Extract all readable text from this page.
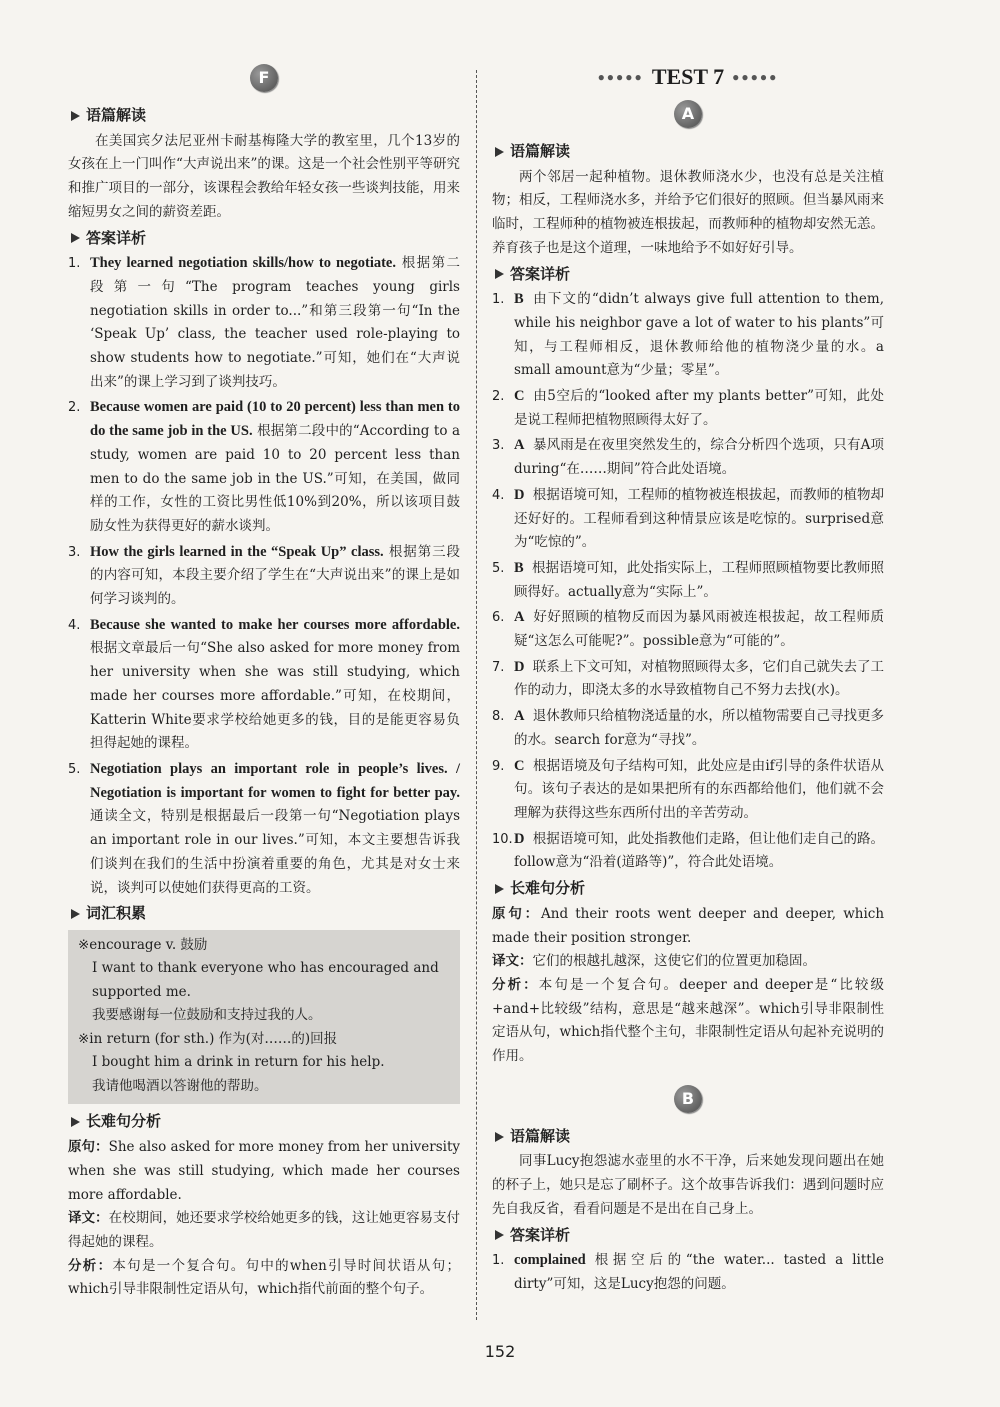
F
语篇解读

在美国宾夕法尼亚州卡耐基梅隆大学的教室里，几个13岁的女孩在上一门叫作“大声说出来”的课。这是一个社会性别平等研究和推广项目的一部分，该课程会教给年轻女孩一些谈判技能，用来缩短男女之间的薪资差距。

答案详析
1. They learned negotiation skills/how to negotiate. 根据第二段第一句“The program teaches young girls negotiation skills in order to...”和第三段第一句“In the ‘Speak Up’ class, the teacher used role-playing to show students how to negotiate.”可知，她们在“大声说出来”的课上学习到了谈判技巧。
2. Because women are paid (10 to 20 percent) less than men to do the same job in the US. 根据第二段中的“According to a study, women are paid 10 to 20 percent less than men to do the same job in the US.”可知，在美国，做同样的工作，女性的工资比男性低10%到20%，所以该项目鼓励女性为获得更好的薪水谈判。
3. How the girls learned in the “Speak Up” class. 根据第三段的内容可知，本段主要介绍了学生在“大声说出来”的课上是如何学习谈判的。
4. Because she wanted to make her courses more affordable. 根据文章最后一句“She also asked for more money from her university when she was still studying, which made her courses more affordable.”可知，在校期间，Katterin White要求学校给她更多的钱，目的是能更容易负担得起她的课程。
5. Negotiation plays an important role in people’s lives. / Negotiation is important for women to fight for better pay. 通读全文，特别是根据最后一段第一句“Negotiation plays an important role in our lives.”可知，本文主要想告诉我们谈判在我们的生活中扮演着重要的角色，尤其是对女士来说，谈判可以使她们获得更高的工资。
词汇积累
※encourage v. 鼓励
I want to thank everyone who has encouraged and supported me.
我要感谢每一位鼓励和支持过我的人。
※in return (for sth.) 作为(对……的)回报
I bought him a drink in return for his help.
我请他喝酒以答谢他的帮助。
长难句分析
原句：She also asked for more money from her university when she was still studying, which made her courses more affordable.
译文：在校期间，她还要求学校给她更多的钱，这让她更容易支付得起她的课程。
分析：本句是一个复合句。句中的when引导时间状语从句；which引导非限制性定语从句，which指代前面的整个句子。
●●●●● TEST 7 ●●●●●
A
语篇解读

两个邻居一起种植物。退休教师浇水少，也没有总是关注植物；相反，工程师浇水多，并给予它们很好的照顾。但当暴风雨来临时，工程师种的植物被连根拔起，而教师种的植物却安然无恙。养育孩子也是这个道理，一味地给予不如好好引导。

答案详析
1. B 由下文的“didn’t always give full attention to them, while his neighbor gave a lot of water to his plants”可知，与工程师相反，退休教师给他的植物浇少量的水。a small amount意为“少量；零星”。
2. C 由5空后的“looked after my plants better”可知，此处是说工程师把植物照顾得太好了。
3. A 暴风雨是在夜里突然发生的，综合分析四个选项，只有A项during“在……期间”符合此处语境。
4. D 根据语境可知，工程师的植物被连根拔起，而教师的植物却还好好的。工程师看到这种情景应该是吃惊的。surprised意为“吃惊的”。
5. B 根据语境可知，此处指实际上，工程师照顾植物要比教师照顾得好。actually意为“实际上”。
6. A 好好照顾的植物反而因为暴风雨被连根拔起，故工程师质疑“这怎么可能呢?”。possible意为“可能的”。
7. D 联系上下文可知，对植物照顾得太多，它们自己就失去了工作的动力，即浇太多的水导致植物自己不努力去找(水)。
8. A 退休教师只给植物浇适量的水，所以植物需要自己寻找更多的水。search for意为“寻找”。
9. C 根据语境及句子结构可知，此处应是由if引导的条件状语从句。该句子表达的是如果把所有的东西都给他们，他们就不会理解为获得这些东西所付出的辛苦劳动。
10. D 根据语境可知，此处指教他们走路，但让他们走自己的路。follow意为“沿着(道路等)”，符合此处语境。
长难句分析
原句：And their roots went deeper and deeper, which made their position stronger.
译文：它们的根越扎越深，这使它们的位置更加稳固。
分析：本句是一个复合句。deeper and deeper是“比较级+and+比较级”结构，意思是“越来越深”。which引导非限制性定语从句，which指代整个主句，非限制性定语从句起补充说明的作用。
B
语篇解读

同事Lucy抱怨滤水壶里的水不干净，后来她发现问题出在她的杯子上，她只是忘了刷杯子。这个故事告诉我们：遇到问题时应先自我反省，看看问题是不是出在自己身上。

答案详析
1. complained 根据空后的“the water... tasted a little dirty”可知，这是Lucy抱怨的问题。
152
